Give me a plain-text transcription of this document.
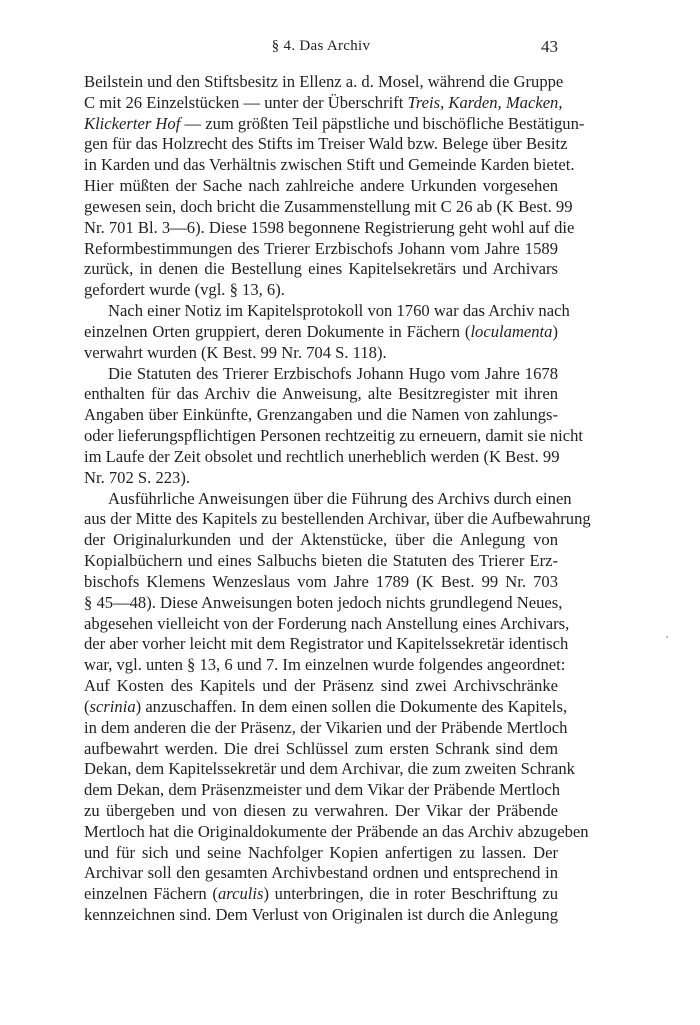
§ 4. Das Archiv	43
Beilstein und den Stiftsbesitz in Ellenz a. d. Mosel, während die Gruppe
C mit 26 Einzelstücken — unter der Überschrift Treis, Karden, Macken,
Klickerter Hof — zum größten Teil päpstliche und bischöfliche Bestätigun-
gen für das Holzrecht des Stifts im Treiser Wald bzw. Belege über Besitz
in Karden und das Verhältnis zwischen Stift und Gemeinde Karden bietet.
Hier müßten der Sache nach zahlreiche andere Urkunden vorgesehen
gewesen sein, doch bricht die Zusammenstellung mit C 26 ab (K Best. 99
Nr. 701 Bl. 3—6). Diese 1598 begonnene Registrierung geht wohl auf die
Reformbestimmungen des Trierer Erzbischofs Johann vom Jahre 1589
zurück, in denen die Bestellung eines Kapitelsekretärs und Archivars
gefordert wurde (vgl. § 13, 6).
Nach einer Notiz im Kapitelsprotokoll von 1760 war das Archiv nach
einzelnen Orten gruppiert, deren Dokumente in Fächern (loculamenta)
verwahrt wurden (K Best. 99 Nr. 704 S. 118).
Die Statuten des Trierer Erzbischofs Johann Hugo vom Jahre 1678
enthalten für das Archiv die Anweisung, alte Besitzregister mit ihren
Angaben über Einkünfte, Grenzangaben und die Namen von zahlungs-
oder lieferungspflichtigen Personen rechtzeitig zu erneuern, damit sie nicht
im Laufe der Zeit obsolet und rechtlich unerheblich werden (K Best. 99
Nr. 702 S. 223).
Ausführliche Anweisungen über die Führung des Archivs durch einen
aus der Mitte des Kapitels zu bestellenden Archivar, über die Aufbewahrung
der Originalurkunden und der Aktenstücke, über die Anlegung von
Kopialbüchern und eines Salbuchs bieten die Statuten des Trierer Erz-
bischofs Klemens Wenzeslaus vom Jahre 1789 (K Best. 99 Nr. 703
§ 45—48). Diese Anweisungen boten jedoch nichts grundlegend Neues,
abgesehen vielleicht von der Forderung nach Anstellung eines Archivars,
der aber vorher leicht mit dem Registrator und Kapitelssekretär identisch
war, vgl. unten § 13, 6 und 7. Im einzelnen wurde folgendes angeordnet:
Auf Kosten des Kapitels und der Präsenz sind zwei Archivschränke
(scrinia) anzuschaffen. In dem einen sollen die Dokumente des Kapitels,
in dem anderen die der Präsenz, der Vikarien und der Präbende Mertloch
aufbewahrt werden. Die drei Schlüssel zum ersten Schrank sind dem
Dekan, dem Kapitelssekretär und dem Archivar, die zum zweiten Schrank
dem Dekan, dem Präsenzmeister und dem Vikar der Präbende Mertloch
zu übergeben und von diesen zu verwahren. Der Vikar der Präbende
Mertloch hat die Originaldokumente der Präbende an das Archiv abzugeben
und für sich und seine Nachfolger Kopien anfertigen zu lassen. Der
Archivar soll den gesamten Archivbestand ordnen und entsprechend in
einzelnen Fächern (arculis) unterbringen, die in roter Beschriftung zu
kennzeichnen sind. Dem Verlust von Originalen ist durch die Anlegung
